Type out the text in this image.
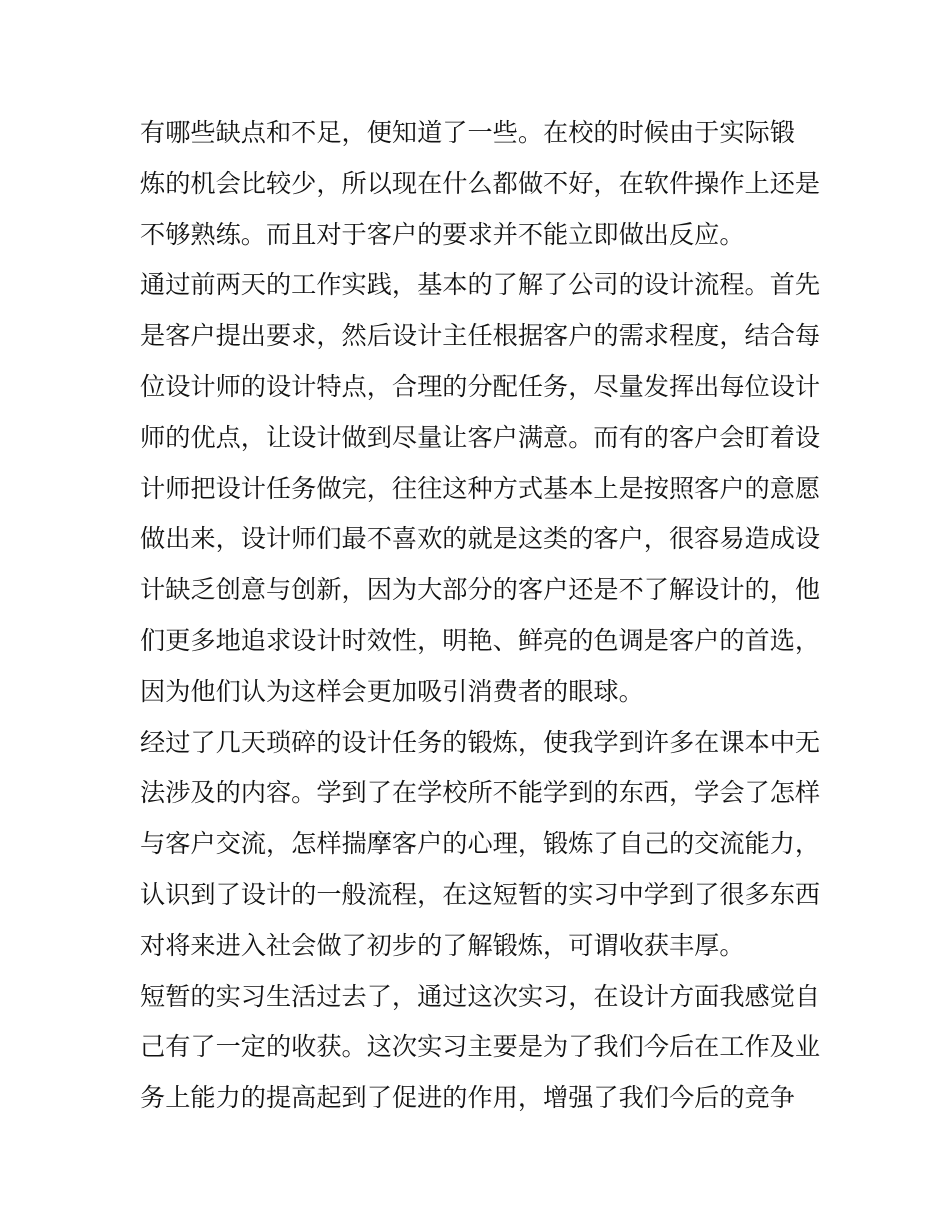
有哪些缺点和不足，便知道了一些。在校的时候由于实际锻
炼的机会比较少，所以现在什么都做不好，在软件操作上还是
不够熟练。而且对于客户的要求并不能立即做出反应。
通过前两天的工作实践，基本的了解了公司的设计流程。首先
是客户提出要求，然后设计主任根据客户的需求程度，结合每
位设计师的设计特点，合理的分配任务，尽量发挥出每位设计
师的优点，让设计做到尽量让客户满意。而有的客户会盯着设
计师把设计任务做完，往往这种方式基本上是按照客户的意愿
做出来，设计师们最不喜欢的就是这类的客户，很容易造成设
计缺乏创意与创新，因为大部分的客户还是不了解设计的，他
们更多地追求设计时效性，明艳、鲜亮的色调是客户的首选，
因为他们认为这样会更加吸引消费者的眼球。
经过了几天琐碎的设计任务的锻炼，使我学到许多在课本中无
法涉及的内容。学到了在学校所不能学到的东西，学会了怎样
与客户交流，怎样揣摩客户的心理，锻炼了自己的交流能力，
认识到了设计的一般流程，在这短暂的实习中学到了很多东西
对将来进入社会做了初步的了解锻炼，可谓收获丰厚。
短暂的实习生活过去了，通过这次实习，在设计方面我感觉自
己有了一定的收获。这次实习主要是为了我们今后在工作及业
务上能力的提高起到了促进的作用，增强了我们今后的竞争
